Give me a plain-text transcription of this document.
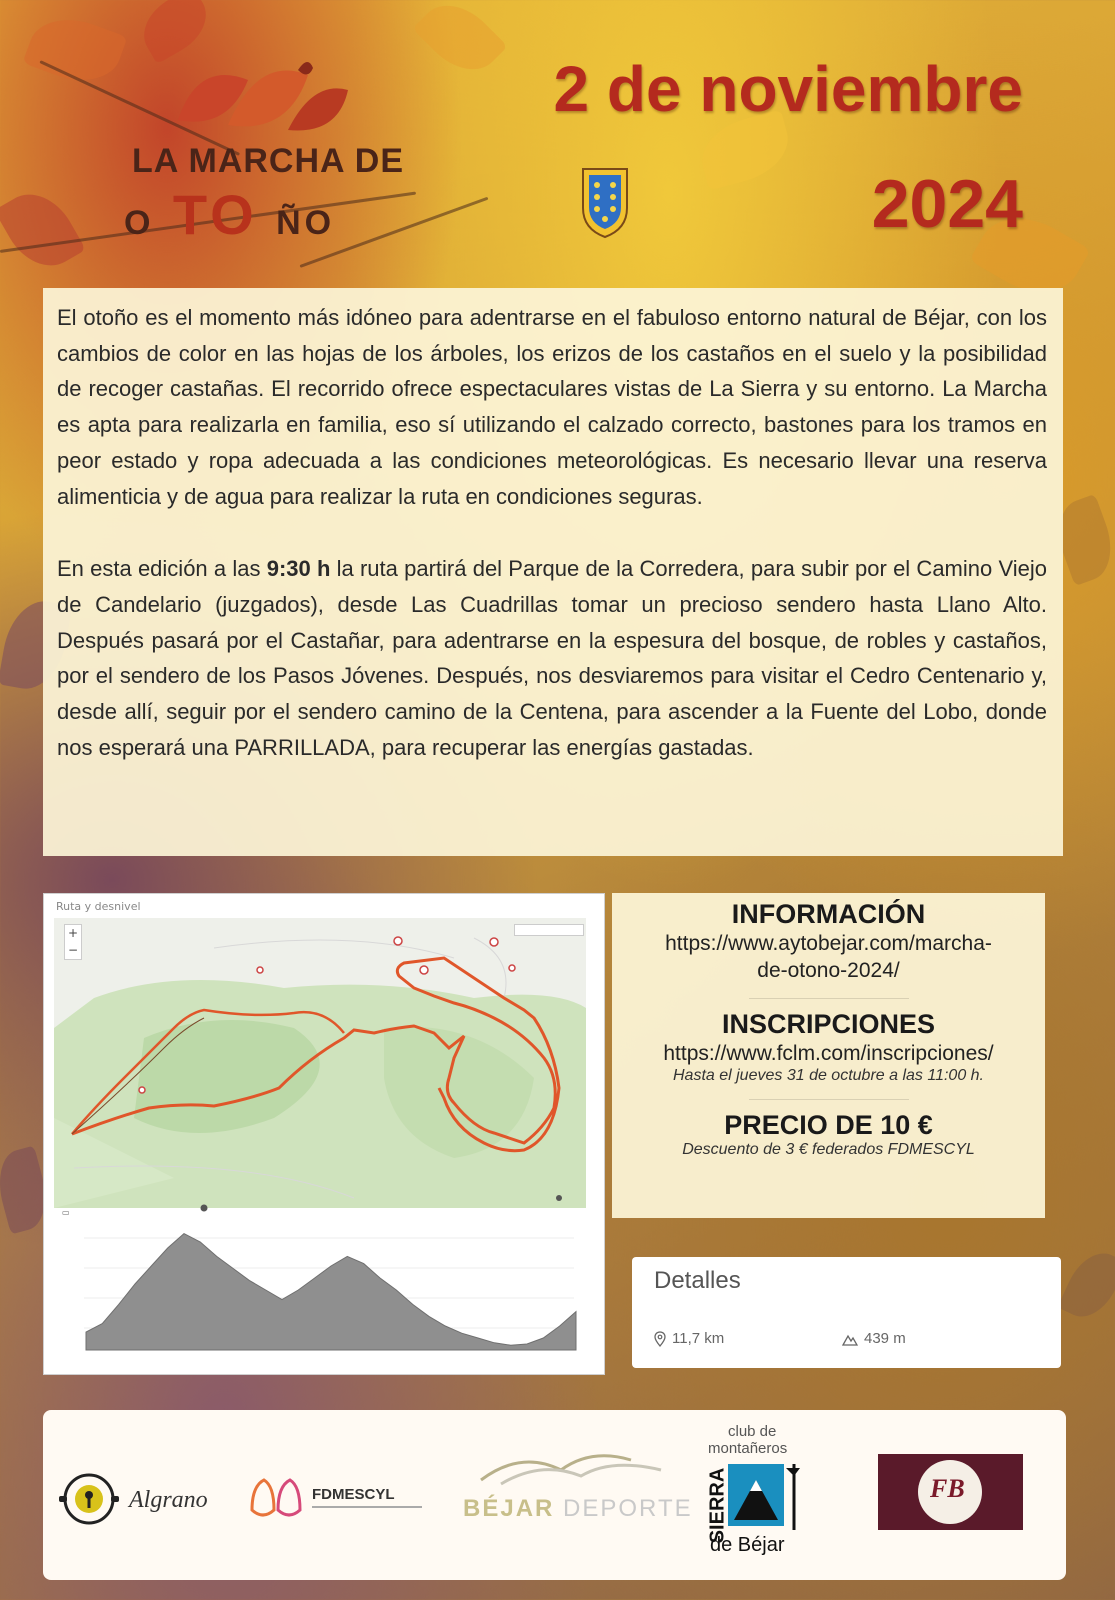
LA MARCHA DE
O TO ÑO
2 de noviembre
2024

El otoño es el momento más idóneo para adentrarse en el fabuloso entorno natural de Béjar, con los cambios de color en las hojas de los árboles, los erizos de los castaños en el suelo y la posibilidad de recoger castañas. El recorrido ofrece espectaculares vistas de La Sierra y su entorno. La Marcha es apta para realizarla en familia, eso sí utilizando el calzado correcto, bastones para los tramos en peor estado y ropa adecuada a las condiciones meteorológicas. Es necesario llevar una reserva alimenticia y de agua para realizar la ruta en condiciones seguras.

En esta edición a las 9:30 h la ruta partirá del Parque de la Corredera, para subir por el Camino Viejo de Candelario (juzgados), desde Las Cuadrillas tomar un precioso sendero hasta Llano Alto. Después pasará por el Castañar, para adentrarse en la espesura del bosque, de robles y castaños, por el sendero de los Pasos Jóvenes. Después, nos desviaremos para visitar el Cedro Centenario y, desde allí, seguir por el sendero camino de la Centena, para ascender a la Fuente del Lobo, donde nos esperará una PARRILLADA, para recuperar las energías gastadas.

Ruta y desnivel
+
−
▭
INFORMACIÓN
https://www.aytobejar.com/marcha-
de-otono-2024/
INSCRIPCIONES
https://www.fclm.com/inscripciones/
Hasta el jueves 31 de octubre a las 11:00 h.
PRECIO DE 10 €
Descuento de 3 € federados FDMESCYL
Detalles
11,7 km	439 m
Algrano	FDMESCYL
BÉJAR DEPORTE
club de
montañeros
SIERRA
de Béjar
FB
